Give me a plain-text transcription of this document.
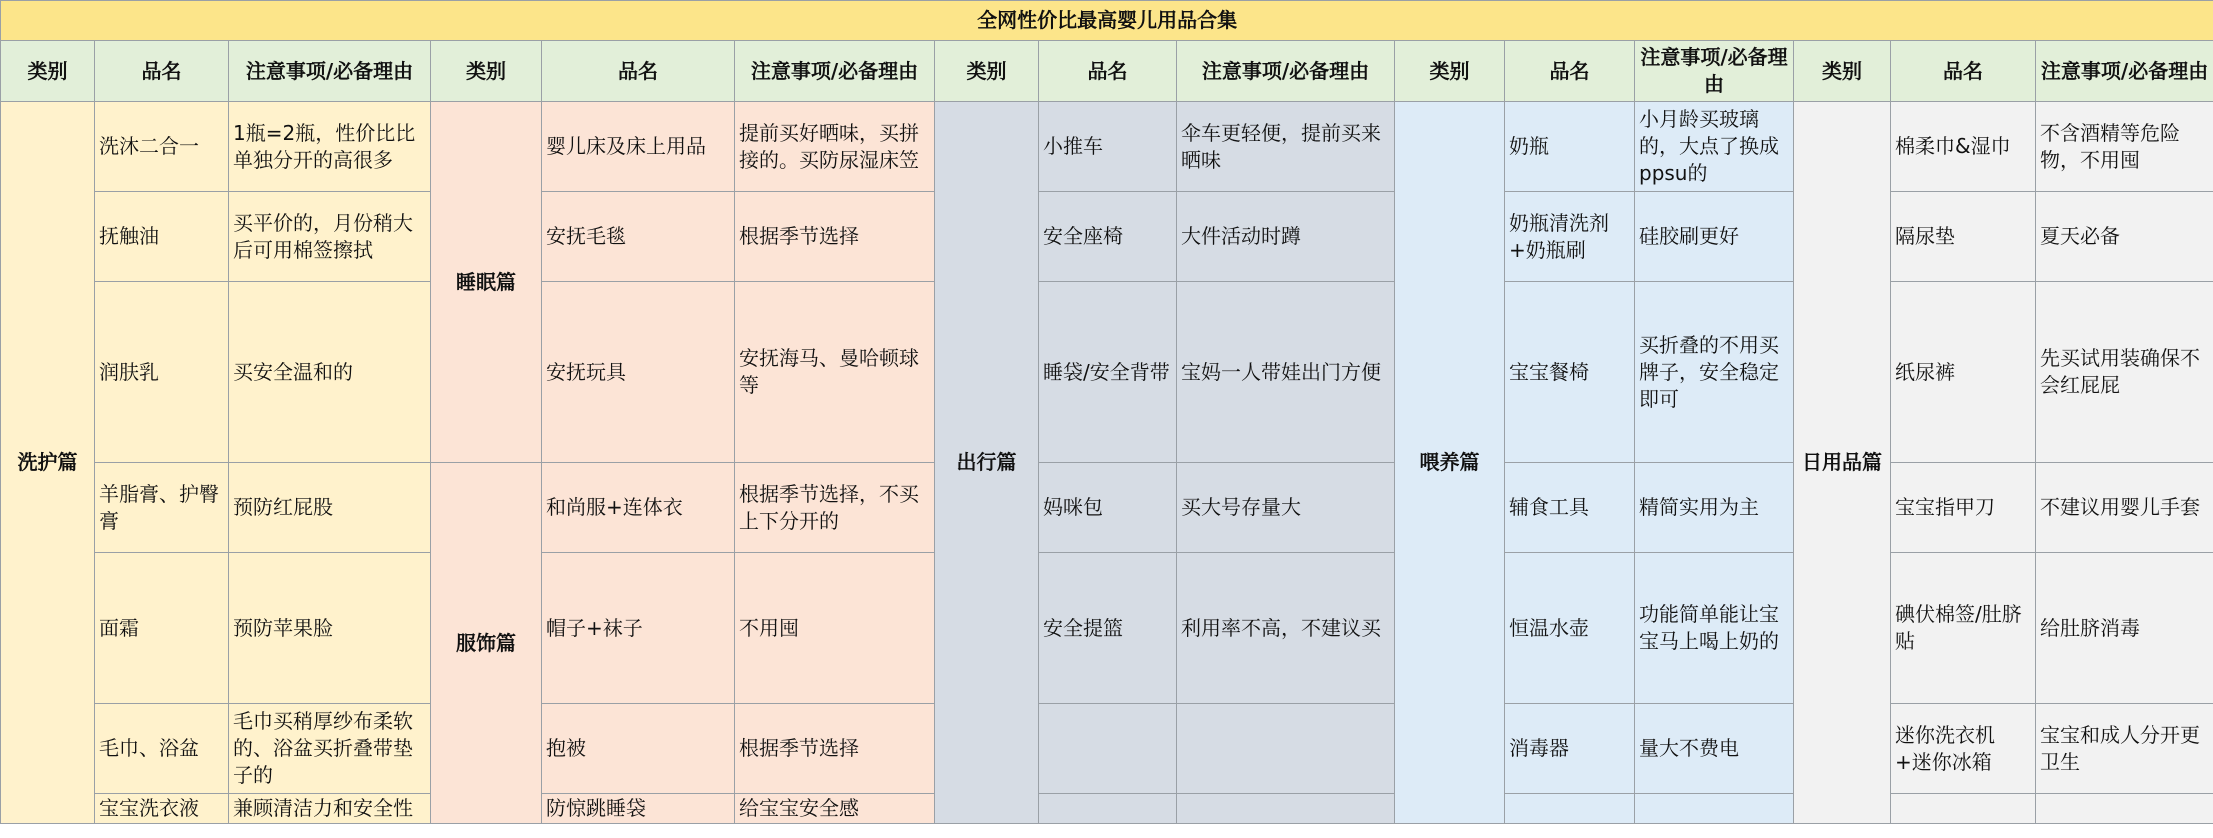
全网性价比最高婴儿用品合集														
类别	品名	注意事项/必备理由	类别	品名	注意事项/必备理由	类别	品名	注意事项/必备理由	类别	品名	注意事项/必备理由	类别	品名	注意事项/必备理由
洗护篇	洗沐二合一	1瓶=2瓶，性价比比单独分开的高很多	睡眠篇	婴儿床及床上用品	提前买好晒味，买拼接的。买防尿湿床笠	出行篇	小推车	伞车更轻便，提前买来晒味	喂养篇	奶瓶	小月龄买玻璃的，大点了换成ppsu的	日用品篇	棉柔巾&湿巾	不含酒精等危险物，不用囤
	抚触油	买平价的，月份稍大后可用棉签擦拭		安抚毛毯	根据季节选择		安全座椅	大件活动时蹲		奶瓶清洗剂+奶瓶刷	硅胶刷更好		隔尿垫	夏天必备
	润肤乳	买安全温和的		安抚玩具	安抚海马、曼哈顿球等		睡袋/安全背带	宝妈一人带娃出门方便		宝宝餐椅	买折叠的不用买牌子，安全稳定即可		纸尿裤	先买试用装确保不会红屁屁
	羊脂膏、护臀膏	预防红屁股	服饰篇	和尚服+连体衣	根据季节选择，不买上下分开的		妈咪包	买大号存量大		辅食工具	精简实用为主		宝宝指甲刀	不建议用婴儿手套
	面霜	预防苹果脸		帽子+袜子	不用囤		安全提篮	利用率不高，不建议买		恒温水壶	功能简单能让宝宝马上喝上奶的		碘伏棉签/肚脐贴	给肚脐消毒
	毛巾、浴盆	毛巾买稍厚纱布柔软的、浴盆买折叠带垫子的		抱被	根据季节选择					消毒器	量大不费电		迷你洗衣机+迷你冰箱	宝宝和成人分开更卫生
	宝宝洗衣液	兼顾清洁力和安全性		防惊跳睡袋	给宝宝安全感									
